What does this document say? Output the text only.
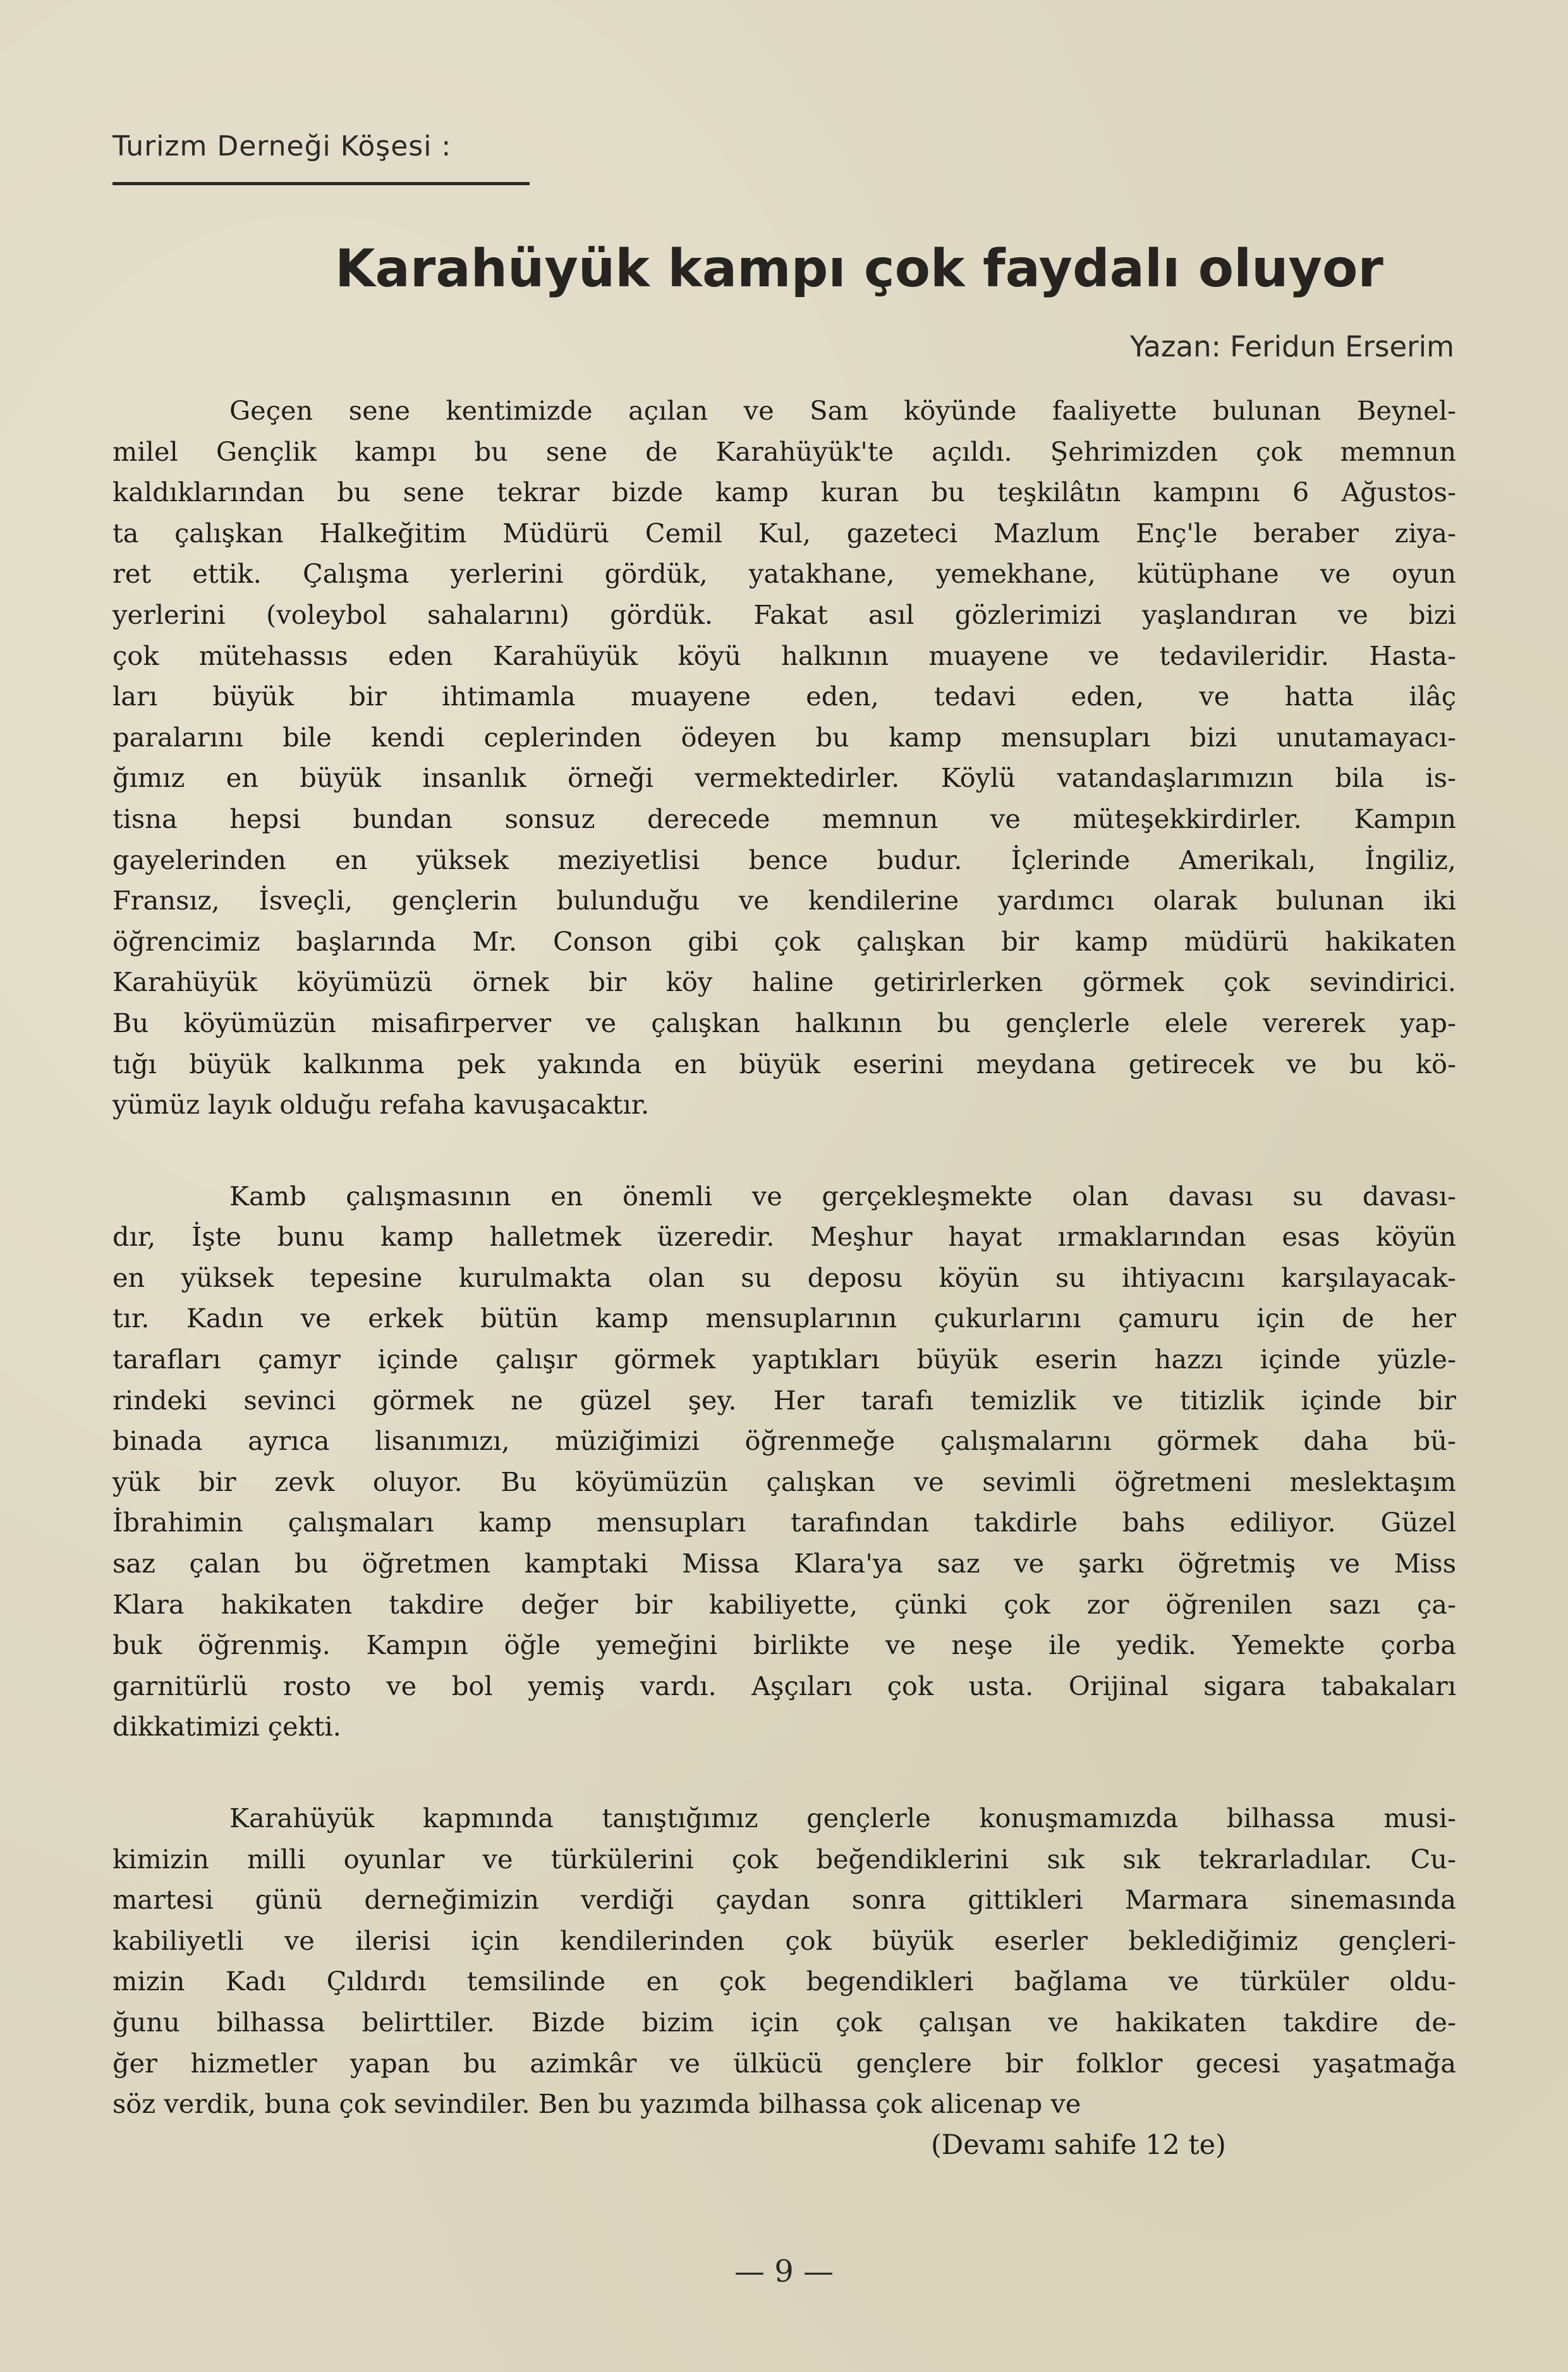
Turizm Derneği Köşesi :
Karahüyük kampı çok faydalı oluyor
Yazan: Feridun Erserim

Geçen sene kentimizde açılan ve Sam köyünde faaliyette bulunan Beynel-
milel Gençlik kampı bu sene de Karahüyük'te açıldı. Şehrimizden çok memnun
kaldıklarından bu sene tekrar bizde kamp kuran bu teşkilâtın kampını 6 Ağustos-
ta çalışkan Halkeğitim Müdürü Cemil Kul, gazeteci Mazlum Enç'le beraber ziya-
ret ettik. Çalışma yerlerini gördük, yatakhane, yemekhane, kütüphane ve oyun
yerlerini (voleybol sahalarını) gördük. Fakat asıl gözlerimizi yaşlandıran ve bizi
çok mütehassıs eden Karahüyük köyü halkının muayene ve tedavileridir. Hasta-
ları büyük bir ihtimamla muayene eden, tedavi eden, ve hatta ilâç
paralarını bile kendi ceplerinden ödeyen bu kamp mensupları bizi unutamayacı-
ğımız en büyük insanlık örneği vermektedirler. Köylü vatandaşlarımızın bila is-
tisna hepsi bundan sonsuz derecede memnun ve müteşekkirdirler. Kampın
gayelerinden en yüksek meziyetlisi bence budur. İçlerinde Amerikalı, İngiliz,
Fransız, İsveçli, gençlerin bulunduğu ve kendilerine yardımcı olarak bulunan iki
öğrencimiz başlarında Mr. Conson gibi çok çalışkan bir kamp müdürü hakikaten
Karahüyük köyümüzü örnek bir köy haline getirirlerken görmek çok sevindirici.
Bu köyümüzün misafirperver ve çalışkan halkının bu gençlerle elele vererek yap-
tığı büyük kalkınma pek yakında en büyük eserini meydana getirecek ve bu kö-
yümüz layık olduğu refaha kavuşacaktır.

Kamb çalışmasının en önemli ve gerçekleşmekte olan davası su davası-
dır, İşte bunu kamp halletmek üzeredir. Meşhur hayat ırmaklarından esas köyün
en yüksek tepesine kurulmakta olan su deposu köyün su ihtiyacını karşılayacak-
tır. Kadın ve erkek bütün kamp mensuplarının çukurlarını çamuru için de her
tarafları çamyr içinde çalışır görmek yaptıkları büyük eserin hazzı içinde yüzle-
rindeki sevinci görmek ne güzel şey. Her tarafı temizlik ve titizlik içinde bir
binada ayrıca lisanımızı, müziğimizi öğrenmeğe çalışmalarını görmek daha bü-
yük bir zevk oluyor. Bu köyümüzün çalışkan ve sevimli öğretmeni meslektaşım
İbrahimin çalışmaları kamp mensupları tarafından takdirle bahs ediliyor. Güzel
saz çalan bu öğretmen kamptaki Missa Klara'ya saz ve şarkı öğretmiş ve Miss
Klara hakikaten takdire değer bir kabiliyette, çünki çok zor öğrenilen sazı ça-
buk öğrenmiş. Kampın öğle yemeğini birlikte ve neşe ile yedik. Yemekte çorba
garnitürlü rosto ve bol yemiş vardı. Aşçıları çok usta. Orijinal sigara tabakaları
dikkatimizi çekti.

Karahüyük kapmında tanıştığımız gençlerle konuşmamızda bilhassa musi-
kimizin milli oyunlar ve türkülerini çok beğendiklerini sık sık tekrarladılar. Cu-
martesi günü derneğimizin verdiği çaydan sonra gittikleri Marmara sinemasında
kabiliyetli ve ilerisi için kendilerinden çok büyük eserler beklediğimiz gençleri-
mizin Kadı Çıldırdı temsilinde en çok begendikleri bağlama ve türküler oldu-
ğunu bilhassa belirttiler. Bizde bizim için çok çalışan ve hakikaten takdire de-
ğer hizmetler yapan bu azimkâr ve ülkücü gençlere bir folklor gecesi yaşatmağa
söz verdik, buna çok sevindiler. Ben bu yazımda bilhassa çok alicenap ve

(Devamı sahife 12 te)
— 9 —
